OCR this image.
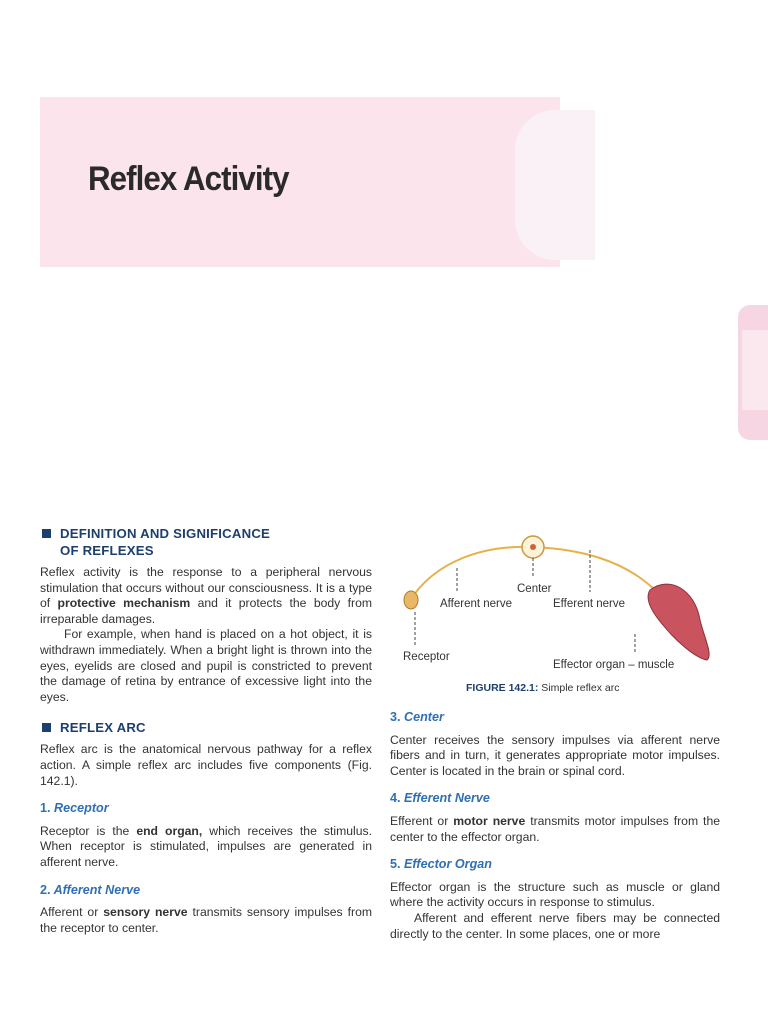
Reflex Activity
DEFINITION AND SIGNIFICANCE
OF REFLEXES

Reflex activity is the response to a peripheral nervous stimulation that occurs without our consciousness. It is a type of protective mechanism and it protects the body from irreparable damages.

For example, when hand is placed on a hot object, it is withdrawn immediately. When a bright light is thrown into the eyes, eyelids are closed and pupil is constricted to prevent the damage of retina by entrance of excessive light into the eyes.

REFLEX ARC

Reflex arc is the anatomical nervous pathway for a reflex action. A simple reflex arc includes five components (Fig. 142.1).

1. Receptor

Receptor is the end organ, which receives the stimulus. When receptor is stimulated, impulses are generated in afferent nerve.

2. Afferent Nerve

Afferent or sensory nerve transmits sensory impulses from the receptor to center.

Center
Afferent nerve	Efferent nerve
Receptor
Effector organ – muscle
FIGURE 142.1: Simple reflex arc
3. Center

Center receives the sensory impulses via afferent nerve fibers and in turn, it generates appropriate motor impulses. Center is located in the brain or spinal cord.

4. Efferent Nerve

Efferent or motor nerve transmits motor impulses from the center to the effector organ.

5. Effector Organ

Effector organ is the structure such as muscle or gland where the activity occurs in response to stimulus.

Afferent and efferent nerve fibers may be connected directly to the center. In some places, one or more
